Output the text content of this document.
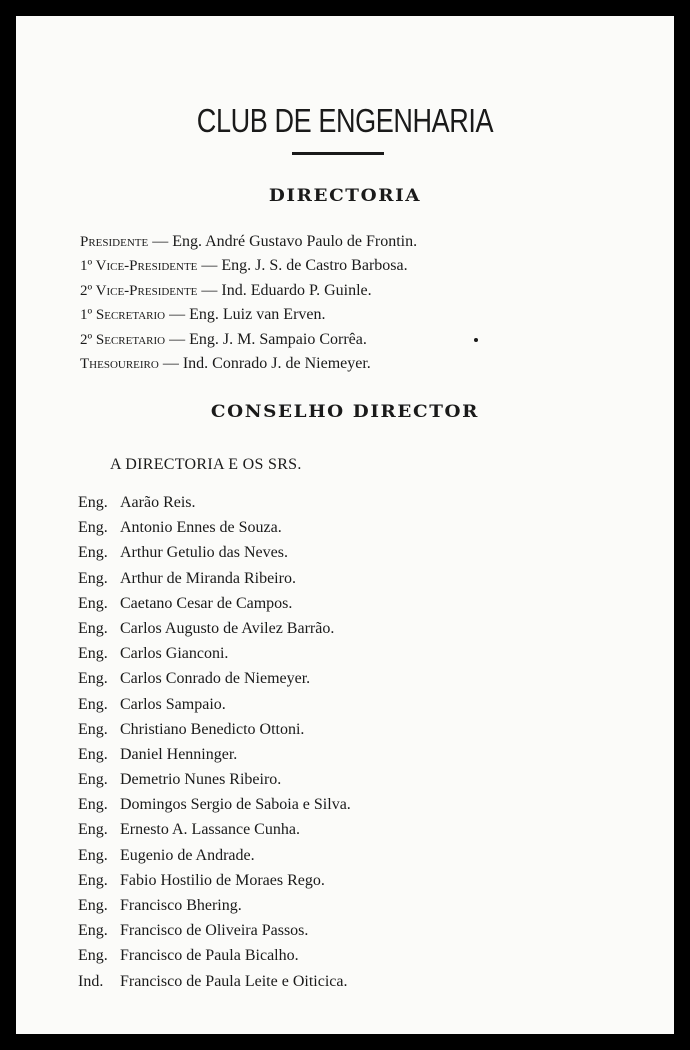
CLUB DE ENGENHARIA
DIRECTORIA
Presidente — Eng. André Gustavo Paulo de Frontin.
1º Vice-Presidente — Eng. J. S. de Castro Barbosa.
2º Vice-Presidente — Ind. Eduardo P. Guinle.
1º Secretario — Eng. Luiz van Erven.
2º Secretario — Eng. J. M. Sampaio Corrêa.
Thesoureiro — Ind. Conrado J. de Niemeyer.
CONSELHO DIRECTOR

A DIRECTORIA E OS SRS.

Eng. Aarão Reis.
Eng. Antonio Ennes de Souza.
Eng. Arthur Getulio das Neves.
Eng. Arthur de Miranda Ribeiro.
Eng. Caetano Cesar de Campos.
Eng. Carlos Augusto de Avilez Barrão.
Eng. Carlos Gianconi.
Eng. Carlos Conrado de Niemeyer.
Eng. Carlos Sampaio.
Eng. Christiano Benedicto Ottoni.
Eng. Daniel Henninger.
Eng. Demetrio Nunes Ribeiro.
Eng. Domingos Sergio de Saboia e Silva.
Eng. Ernesto A. Lassance Cunha.
Eng. Eugenio de Andrade.
Eng. Fabio Hostilio de Moraes Rego.
Eng. Francisco Bhering.
Eng. Francisco de Oliveira Passos.
Eng. Francisco de Paula Bicalho.
Ind. Francisco de Paula Leite e Oiticica.
